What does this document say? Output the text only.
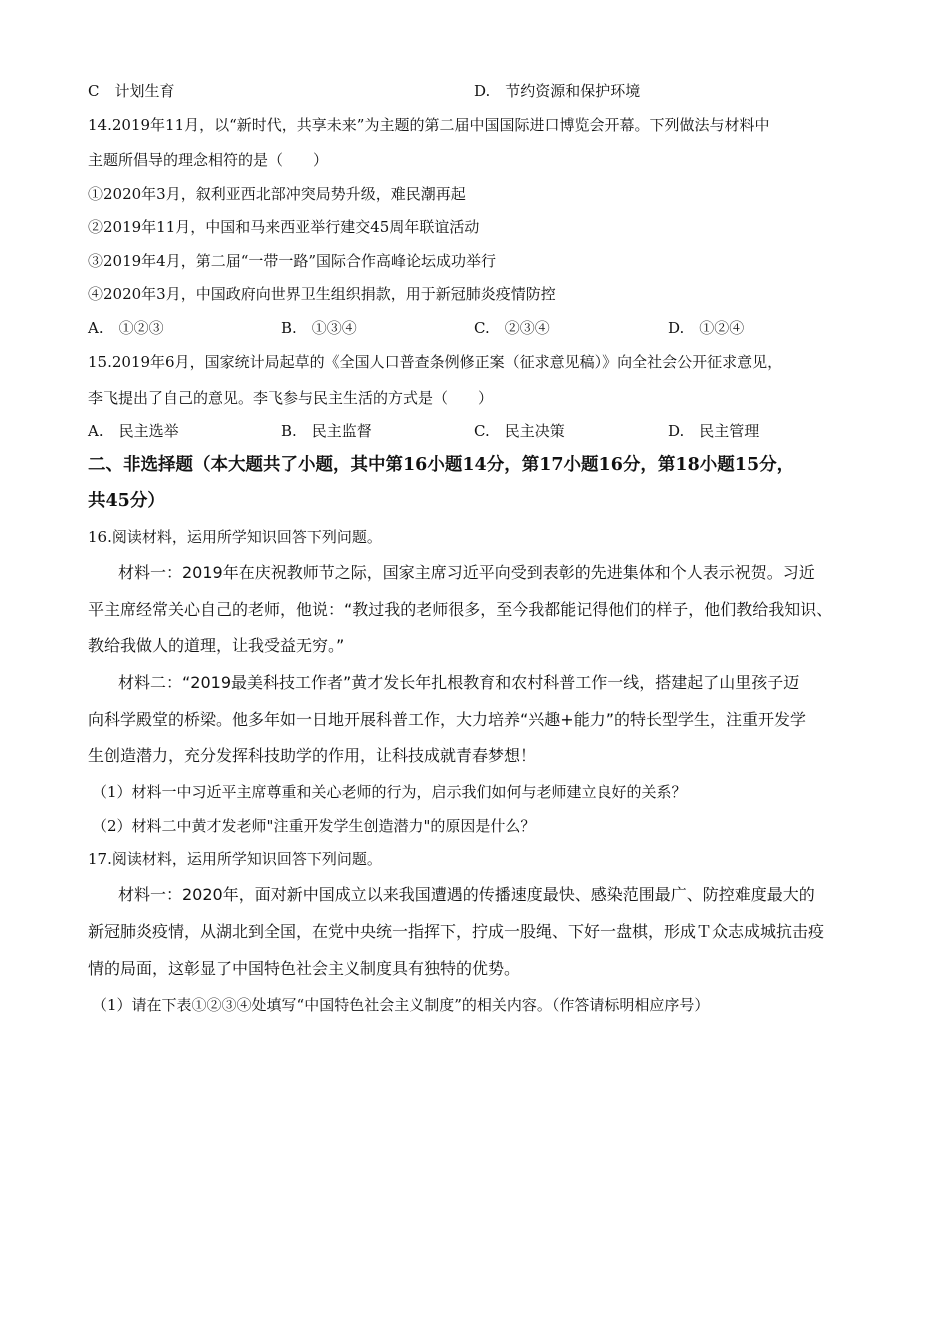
C　计划生育	D.　节约资源和保护环境
14.2019年11月，以“新时代，共享未来”为主题的第二届中国国际进口博览会开幕。下列做法与材料中
主题所倡导的理念相符的是（　　）
①2020年3月，叙利亚西北部冲突局势升级，难民潮再起
②2019年11月，中国和马来西亚举行建交45周年联谊活动
③2019年4月，第二届“一带一路”国际合作高峰论坛成功举行
④2020年3月，中国政府向世界卫生组织捐款，用于新冠肺炎疫情防控
A.　①②③	B.　①③④	C.　②③④	D.　①②④
15.2019年6月，国家统计局起草的《全国人口普查条例修正案（征求意见稿）》向全社会公开征求意见，
李飞提出了自己的意见。李飞参与民主生活的方式是（　　）
A.　民主选举	B.　民主监督	C.　民主决策	D.　民主管理
二、非选择题（本大题共了小题，其中第16小题14分，第17小题16分，第18小题15分，
共45分）
16.阅读材料，运用所学知识回答下列问题。
材料一：2019年在庆祝教师节之际，国家主席习近平向受到表彰的先进集体和个人表示祝贺。习近
平主席经常关心自己的老师，他说：“教过我的老师很多，至今我都能记得他们的样子，他们教给我知识、
教给我做人的道理，让我受益无穷。”
材料二：“2019最美科技工作者”黄才发长年扎根教育和农村科普工作一线，搭建起了山里孩子迈
向科学殿堂的桥梁。他多年如一日地开展科普工作，大力培养“兴趣+能力”的特长型学生，注重开发学
生创造潜力，充分发挥科技助学的作用，让科技成就青春梦想！
（1）材料一中习近平主席尊重和关心老师的行为，启示我们如何与老师建立良好的关系？
（2）材料二中黄才发老师"注重开发学生创造潜力"的原因是什么？
17.阅读材料，运用所学知识回答下列问题。
材料一：2020年，面对新中国成立以来我国遭遇的传播速度最快、感染范围最广、防控难度最大的
新冠肺炎疫情，从湖北到全国，在党中央统一指挥下，拧成一股绳、下好一盘棋，形成Ｔ众志成城抗击疫
情的局面，这彰显了中国特色社会主义制度具有独特的优势。
（1）请在下表①②③④处填写“中国特色社会主义制度”的相关内容。（作答请标明相应序号）
